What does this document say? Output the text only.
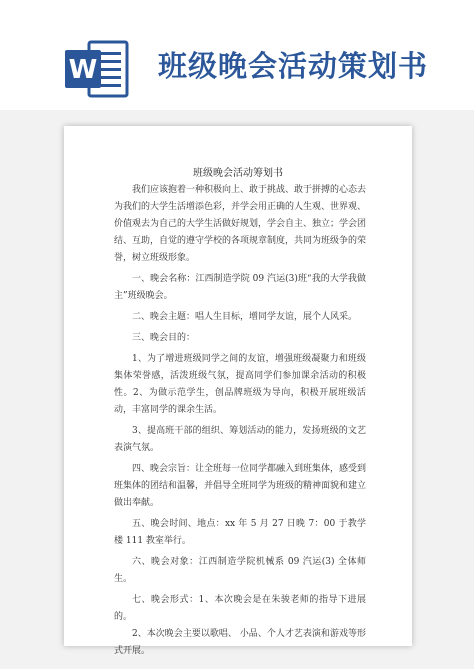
W 班级晚会活动策划书
班级晚会活动筹划书

我们应该抱着一种积极向上、敢于挑战、敢于拼搏的心态去为我们的大学生活增添色彩，并学会用正确的人生观、世界观、价值观去为自己的大学生活做好规划，学会自主、独立；学会团结、互助，自觉的遵守学校的各项规章制度，共同为班级争的荣誉，树立班级形象。

一、晚会名称：江西制造学院 09 汽运(3)班“我的大学我做主”班级晚会。

二、晚会主题：唱人生目标，增同学友谊，展个人风采。

三、晚会目的：

1、为了增进班级同学之间的友谊，增强班级凝聚力和班级集体荣誉感，活泼班级气氛，提高同学们参加课余活动的积极性。2、为做示范学生，创品牌班级为导向，积极开展班级活动，丰富同学的课余生活。

3、提高班干部的组织、筹划活动的能力，发扬班级的文艺表演气氛。

四、晚会宗旨：让全班每一位同学都融入到班集体，感受到班集体的团结和温馨，并倡导全班同学为班级的精神面貌和建立做出奉献。

五、晚会时间、地点：xx 年 5 月 27 日晚 7：00 于教学楼 111 教室举行。

六、晚会对象：江西制造学院机械系 09 汽运(3) 全体师生。

七、晚会形式：1、本次晚会是在朱骏老师的指导下进展的。

2、本次晚会主要以歌唱、 小品、个人才艺表演和游戏等形式开展。
